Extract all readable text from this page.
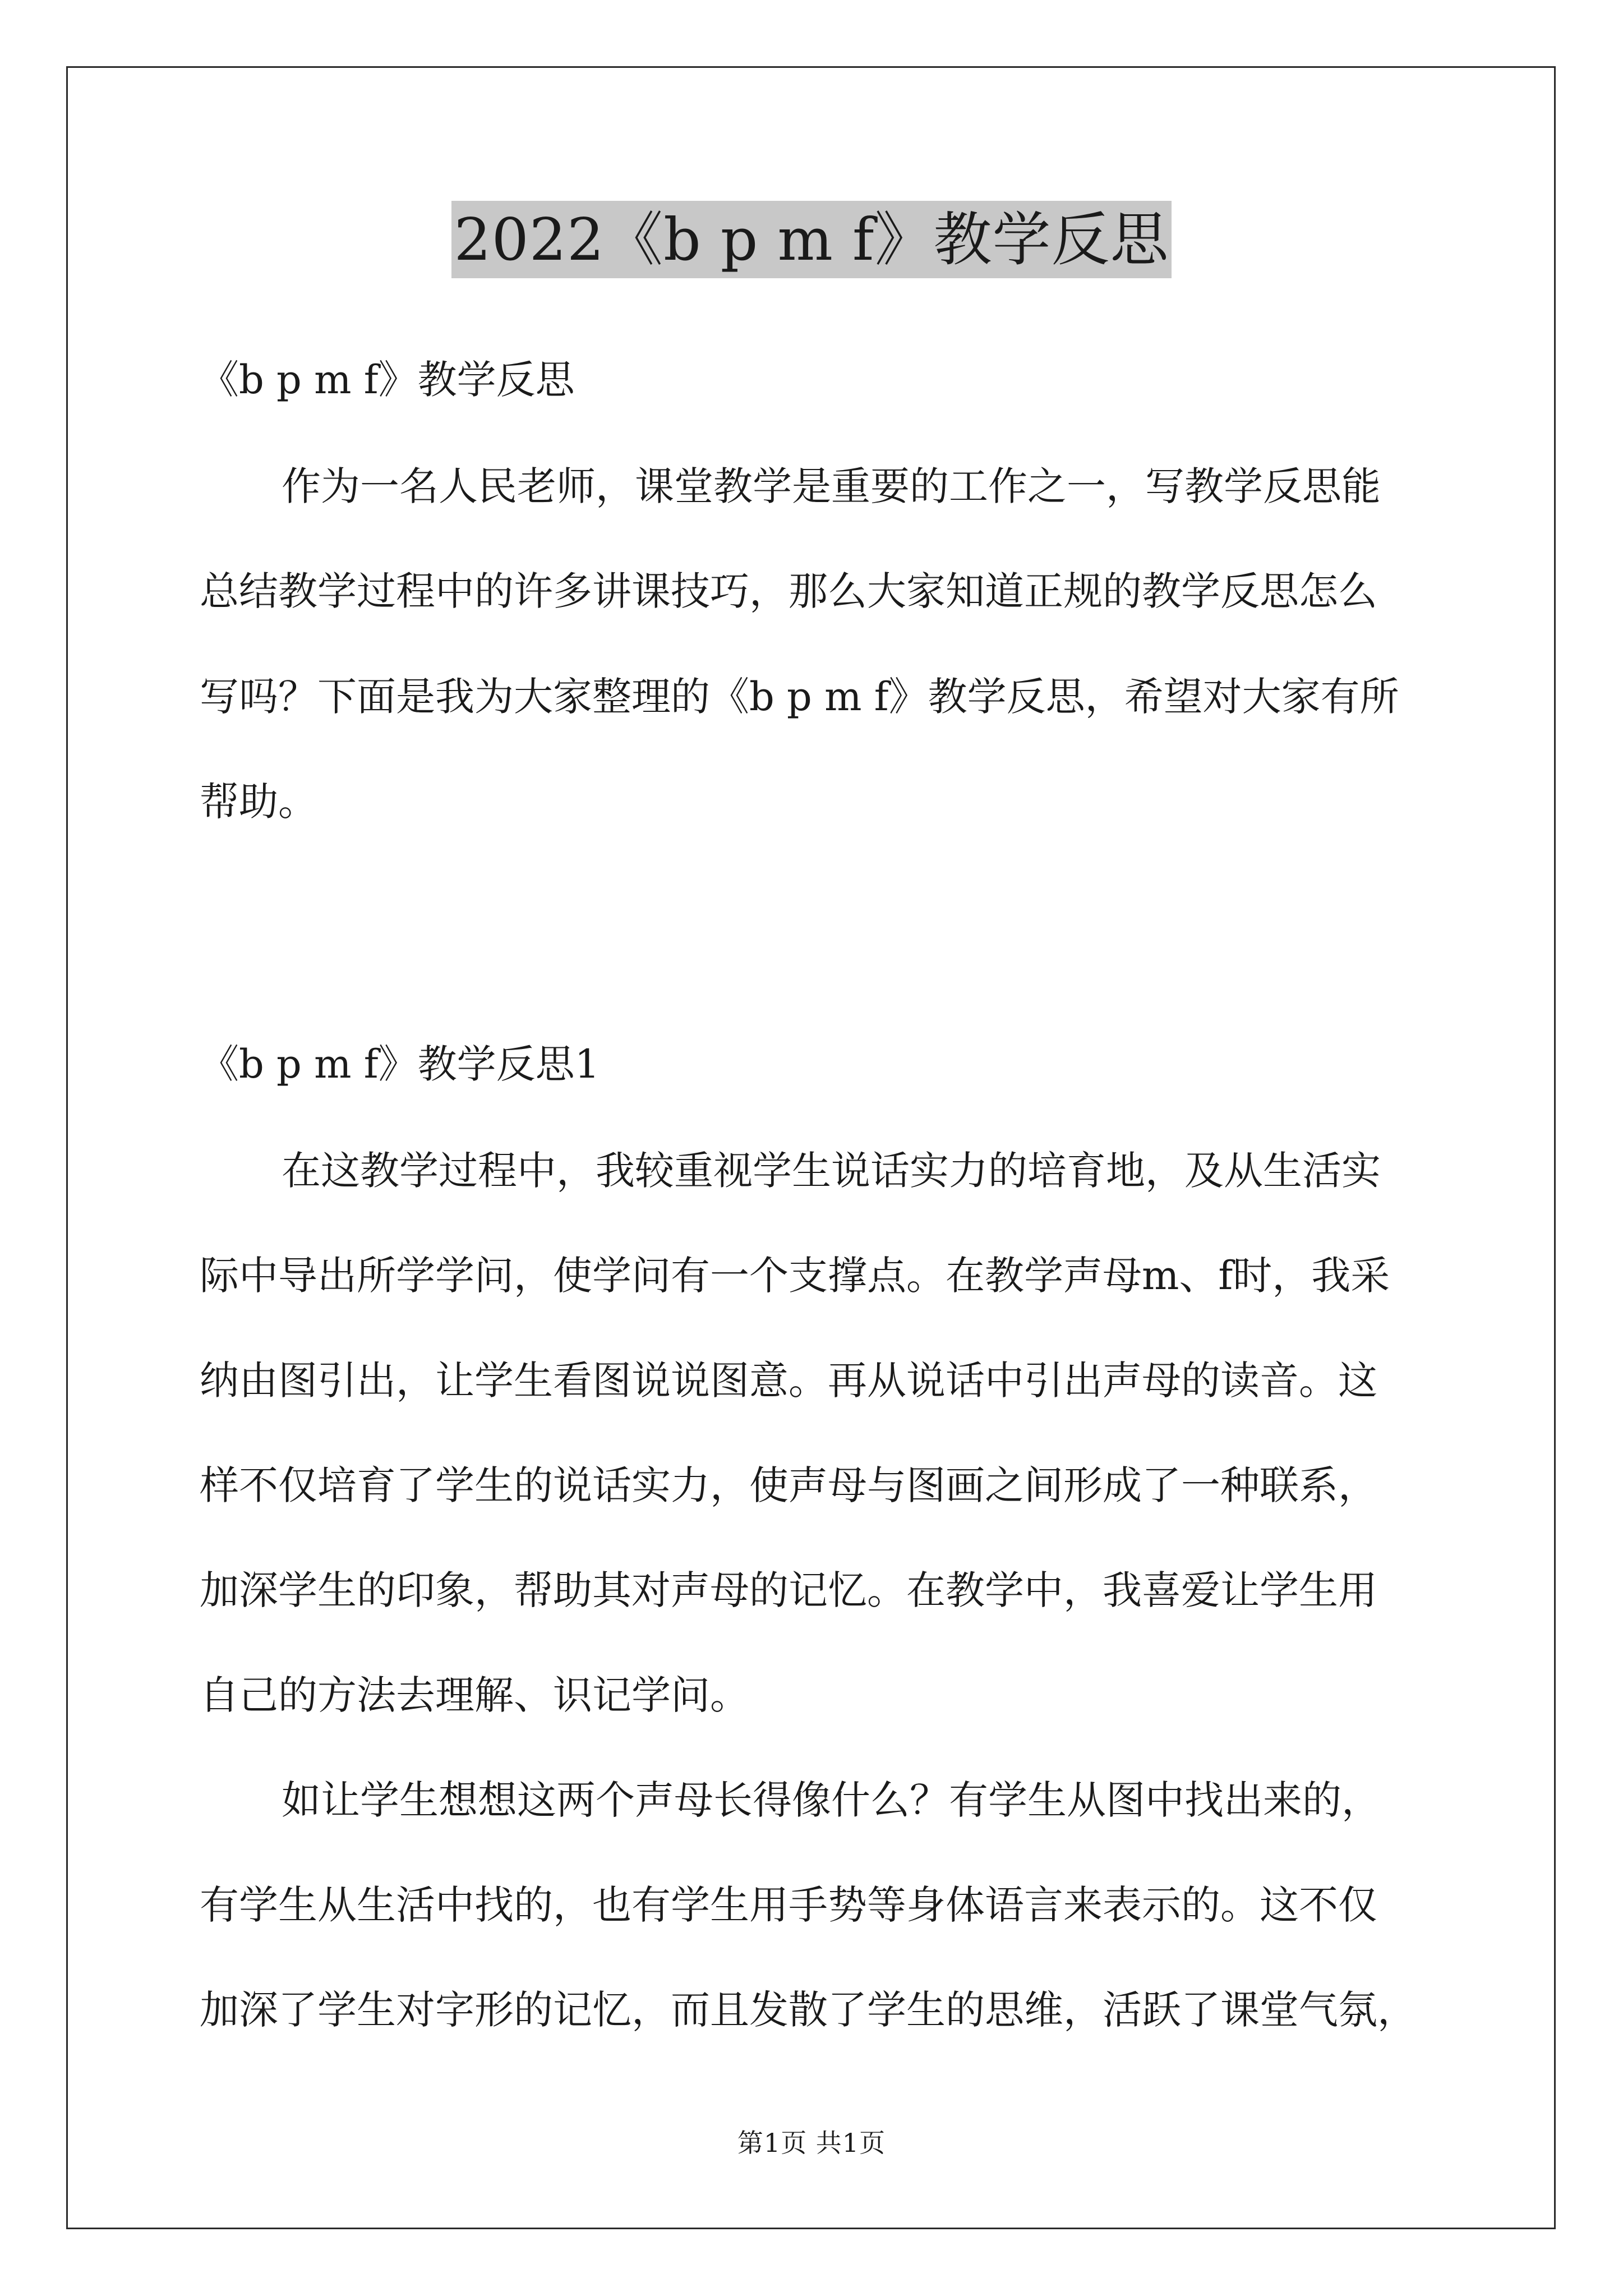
2022《b p m f》教学反思
《b p m f》教学反思
作为一名人民老师，课堂教学是重要的工作之一，写教学反思能
总结教学过程中的许多讲课技巧，那么大家知道正规的教学反思怎么
写吗？下面是我为大家整理的《b p m f》教学反思，希望对大家有所
帮助。
《b p m f》教学反思1
在这教学过程中，我较重视学生说话实力的培育地，及从生活实
际中导出所学学问，使学问有一个支撑点。在教学声母m、f时，我采
纳由图引出，让学生看图说说图意。再从说话中引出声母的读音。这
样不仅培育了学生的说话实力，使声母与图画之间形成了一种联系，
加深学生的印象，帮助其对声母的记忆。在教学中，我喜爱让学生用
自己的方法去理解、识记学问。
如让学生想想这两个声母长得像什么？有学生从图中找出来的，
有学生从生活中找的，也有学生用手势等身体语言来表示的。这不仅
加深了学生对字形的记忆，而且发散了学生的思维，活跃了课堂气氛，
第1页 共1页
